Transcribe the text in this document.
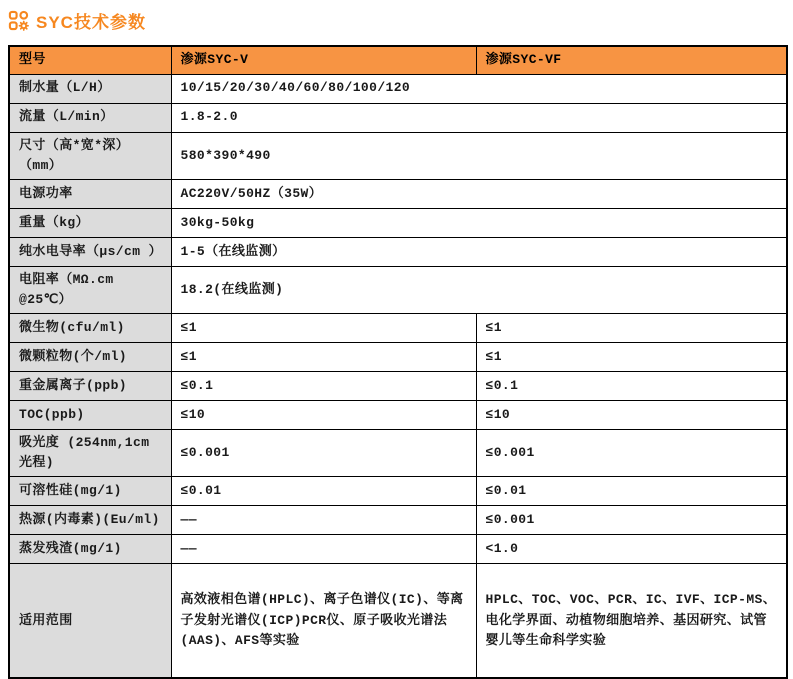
SYC技术参数
型号	渗源SYC-V	渗源SYC-VF
制水量（L/H）	10/15/20/30/40/60/80/100/120	
流量（L/min）	1.8-2.0	
尺寸（高*宽*深） （mm）	580*390*490	
电源功率	AC220V/50HZ（35W）	
重量（kg）	30kg-50kg	
纯水电导率（μs/cm ）	1-5（在线监测）	
电阻率（MΩ.cm @25℃）	18.2(在线监测)	
微生物(cfu/ml)	≤1	≤1
微颗粒物(个/ml)	≤1	≤1
重金属离子(ppb)	≤0.1	≤0.1
TOC(ppb)	≤10	≤10
吸光度 (254nm,1cm光程)	≤0.001	≤0.001
可溶性硅(mg/1)	≤0.01	≤0.01
热源(内毒素)(Eu/ml)	——	≤0.001
蒸发残渣(mg/1)	——	<1.0
适用范围	高效液相色谱(HPLC)、离子色谱仪(IC)、等离子发射光谱仪(ICP)PCR仪、原子吸收光谱法(AAS)、AFS等实验	HPLC、TOC、VOC、PCR、IC、IVF、ICP-MS、电化学界面、动植物细胞培养、基因研究、试管婴儿等生命科学实验
